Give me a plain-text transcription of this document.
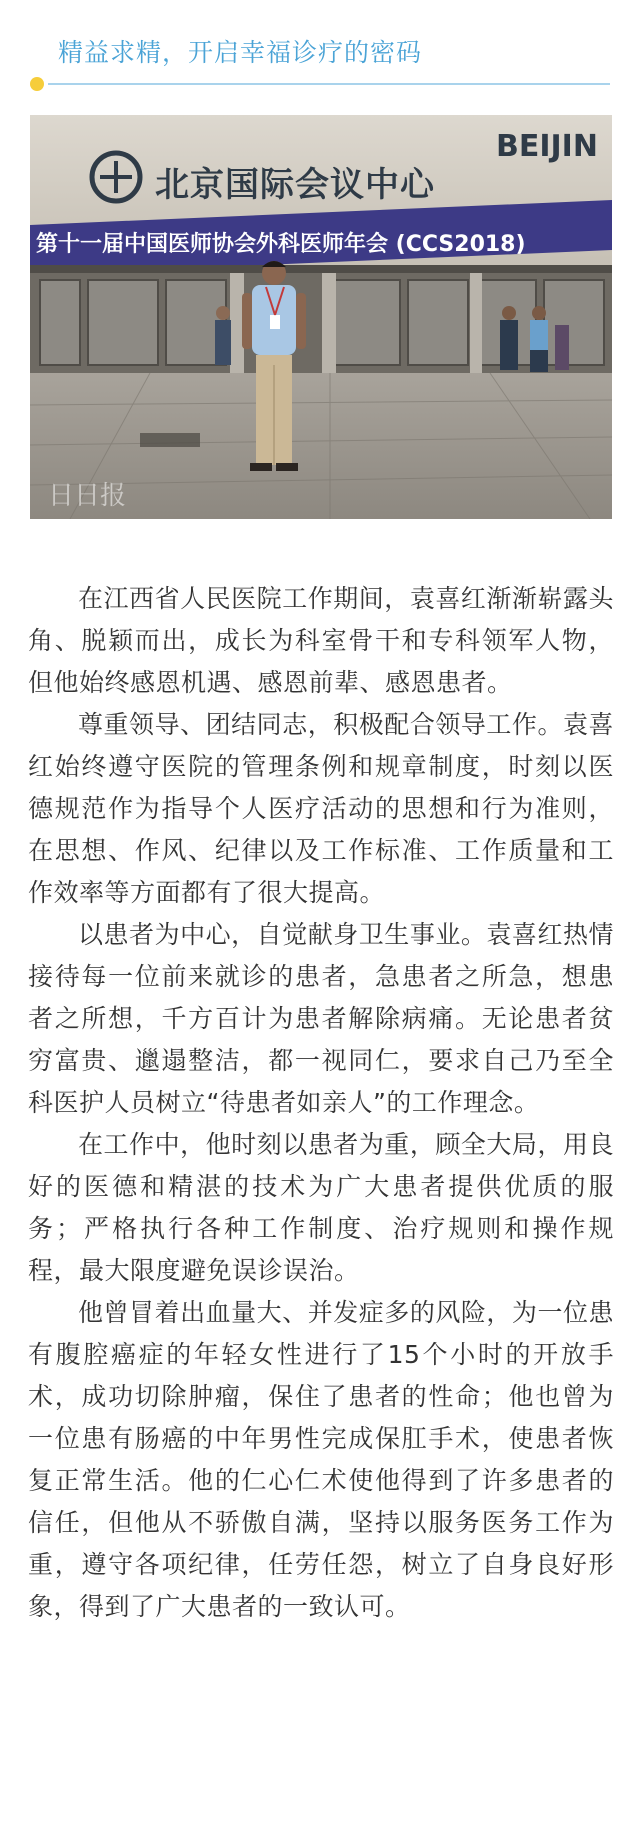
精益求精，开启幸福诊疗的密码
北京国际会议中心
BEIJIN
第十一届中国医师协会外科医师年会 (CCS2018)
日日报

在江西省人民医院工作期间，袁喜红渐渐崭露头角、脱颖而出，成长为科室骨干和专科领军人物，但他始终感恩机遇、感恩前辈、感恩患者。

尊重领导、团结同志，积极配合领导工作。袁喜红始终遵守医院的管理条例和规章制度，时刻以医德规范作为指导个人医疗活动的思想和行为准则，在思想、作风、纪律以及工作标准、工作质量和工作效率等方面都有了很大提高。

以患者为中心，自觉献身卫生事业。袁喜红热情接待每一位前来就诊的患者，急患者之所急，想患者之所想，千方百计为患者解除病痛。无论患者贫穷富贵、邋遢整洁，都一视同仁，要求自己乃至全科医护人员树立“待患者如亲人”的工作理念。

在工作中，他时刻以患者为重，顾全大局，用良好的医德和精湛的技术为广大患者提供优质的服务；严格执行各种工作制度、治疗规则和操作规程，最大限度避免误诊误治。

他曾冒着出血量大、并发症多的风险，为一位患有腹腔癌症的年轻女性进行了15个小时的开放手术，成功切除肿瘤，保住了患者的性命；他也曾为一位患有肠癌的中年男性完成保肛手术，使患者恢复正常生活。他的仁心仁术使他得到了许多患者的信任，但他从不骄傲自满，坚持以服务医务工作为重，遵守各项纪律，任劳任怨，树立了自身良好形象，得到了广大患者的一致认可。
